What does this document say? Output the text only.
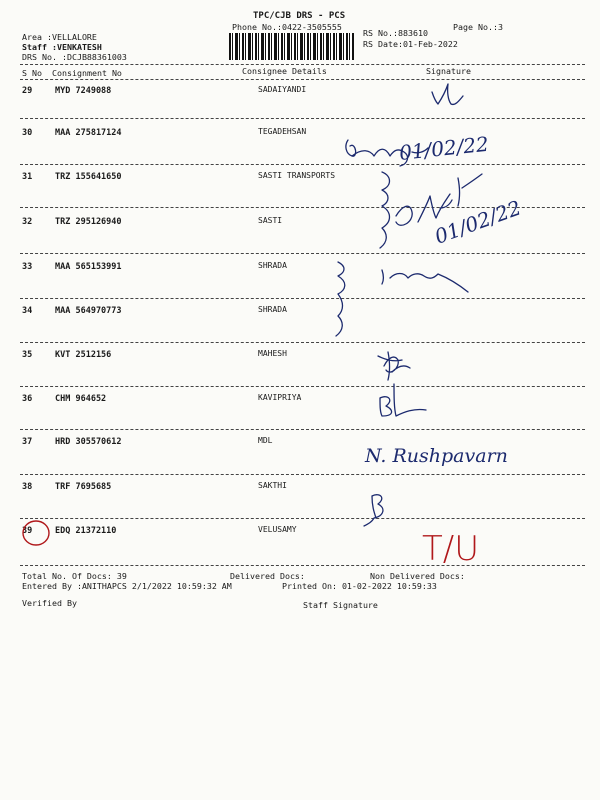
TPC/CJB DRS - PCS
Phone No.:0422-3505555
Area :VELLALORE
Staff :VENKATESH
DRS No. :DCJB88361003
RS No.:883610
RS Date:01-Feb-2022
Page No.:3
S No Consignment No	Consignee Details	Signature
29	MYD 7249088	SADAIYANDI
30	MAA 275817124	TEGADEHSAN
31	TRZ 155641650	SASTI TRANSPORTS
32	TRZ 295126940	SASTI
33	MAA 565153991	SHRADA
34	MAA 564970773	SHRADA
35	KVT 2512156	MAHESH
36	CHM 964652	KAVIPRIYA
37	HRD 305570612	MDL
38	TRF 7695685	SAKTHI
39	EDQ 21372110	VELUSAMY
01/02/22
01/02/22
N. Rushpavarn
T/U
Total No. Of Docs: 39	Delivered Docs:	Non Delivered Docs:
Entered By :ANITHAPCS 2/1/2022 10:59:32 AM	Printed On: 01-02-2022 10:59:33
Verified By	Staff Signature
